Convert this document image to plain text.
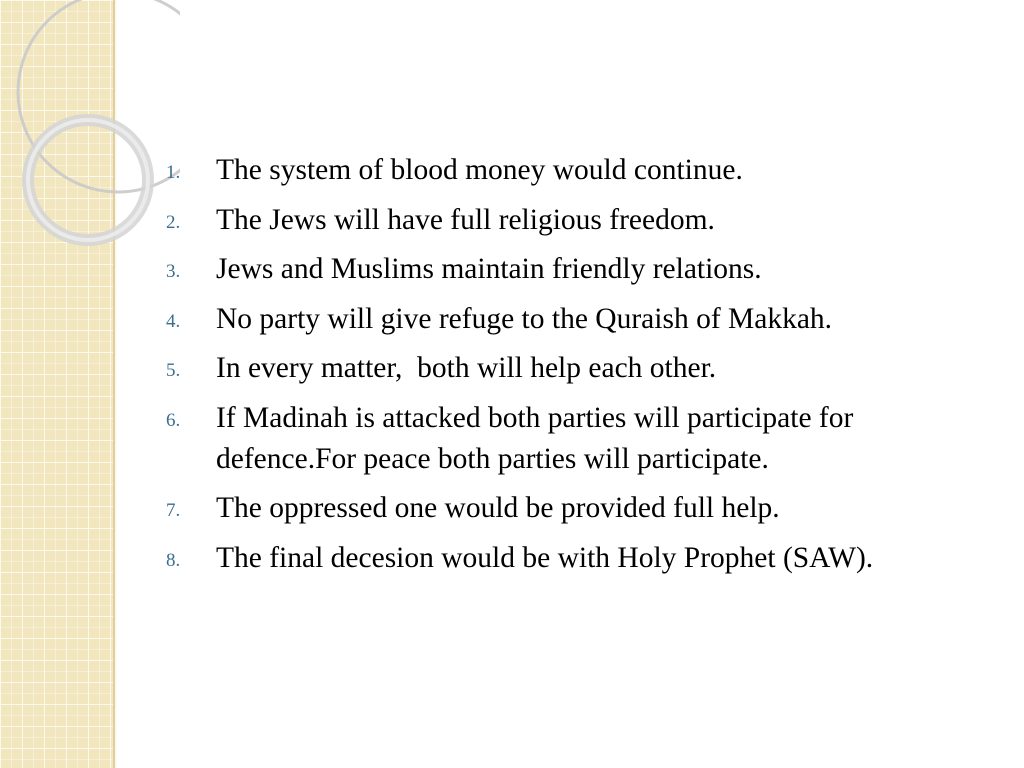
1. The system of blood money would continue.
2. The Jews will have full religious freedom.
3. Jews and Muslims maintain friendly relations.
4. No party will give refuge to the Quraish of Makkah.
5. In every matter,  both will help each other.
6. If Madinah is attacked both parties will participate for defence.For peace both parties will participate.
7. The oppressed one would be provided full help.
8. The final decesion would be with Holy Prophet (SAW).
